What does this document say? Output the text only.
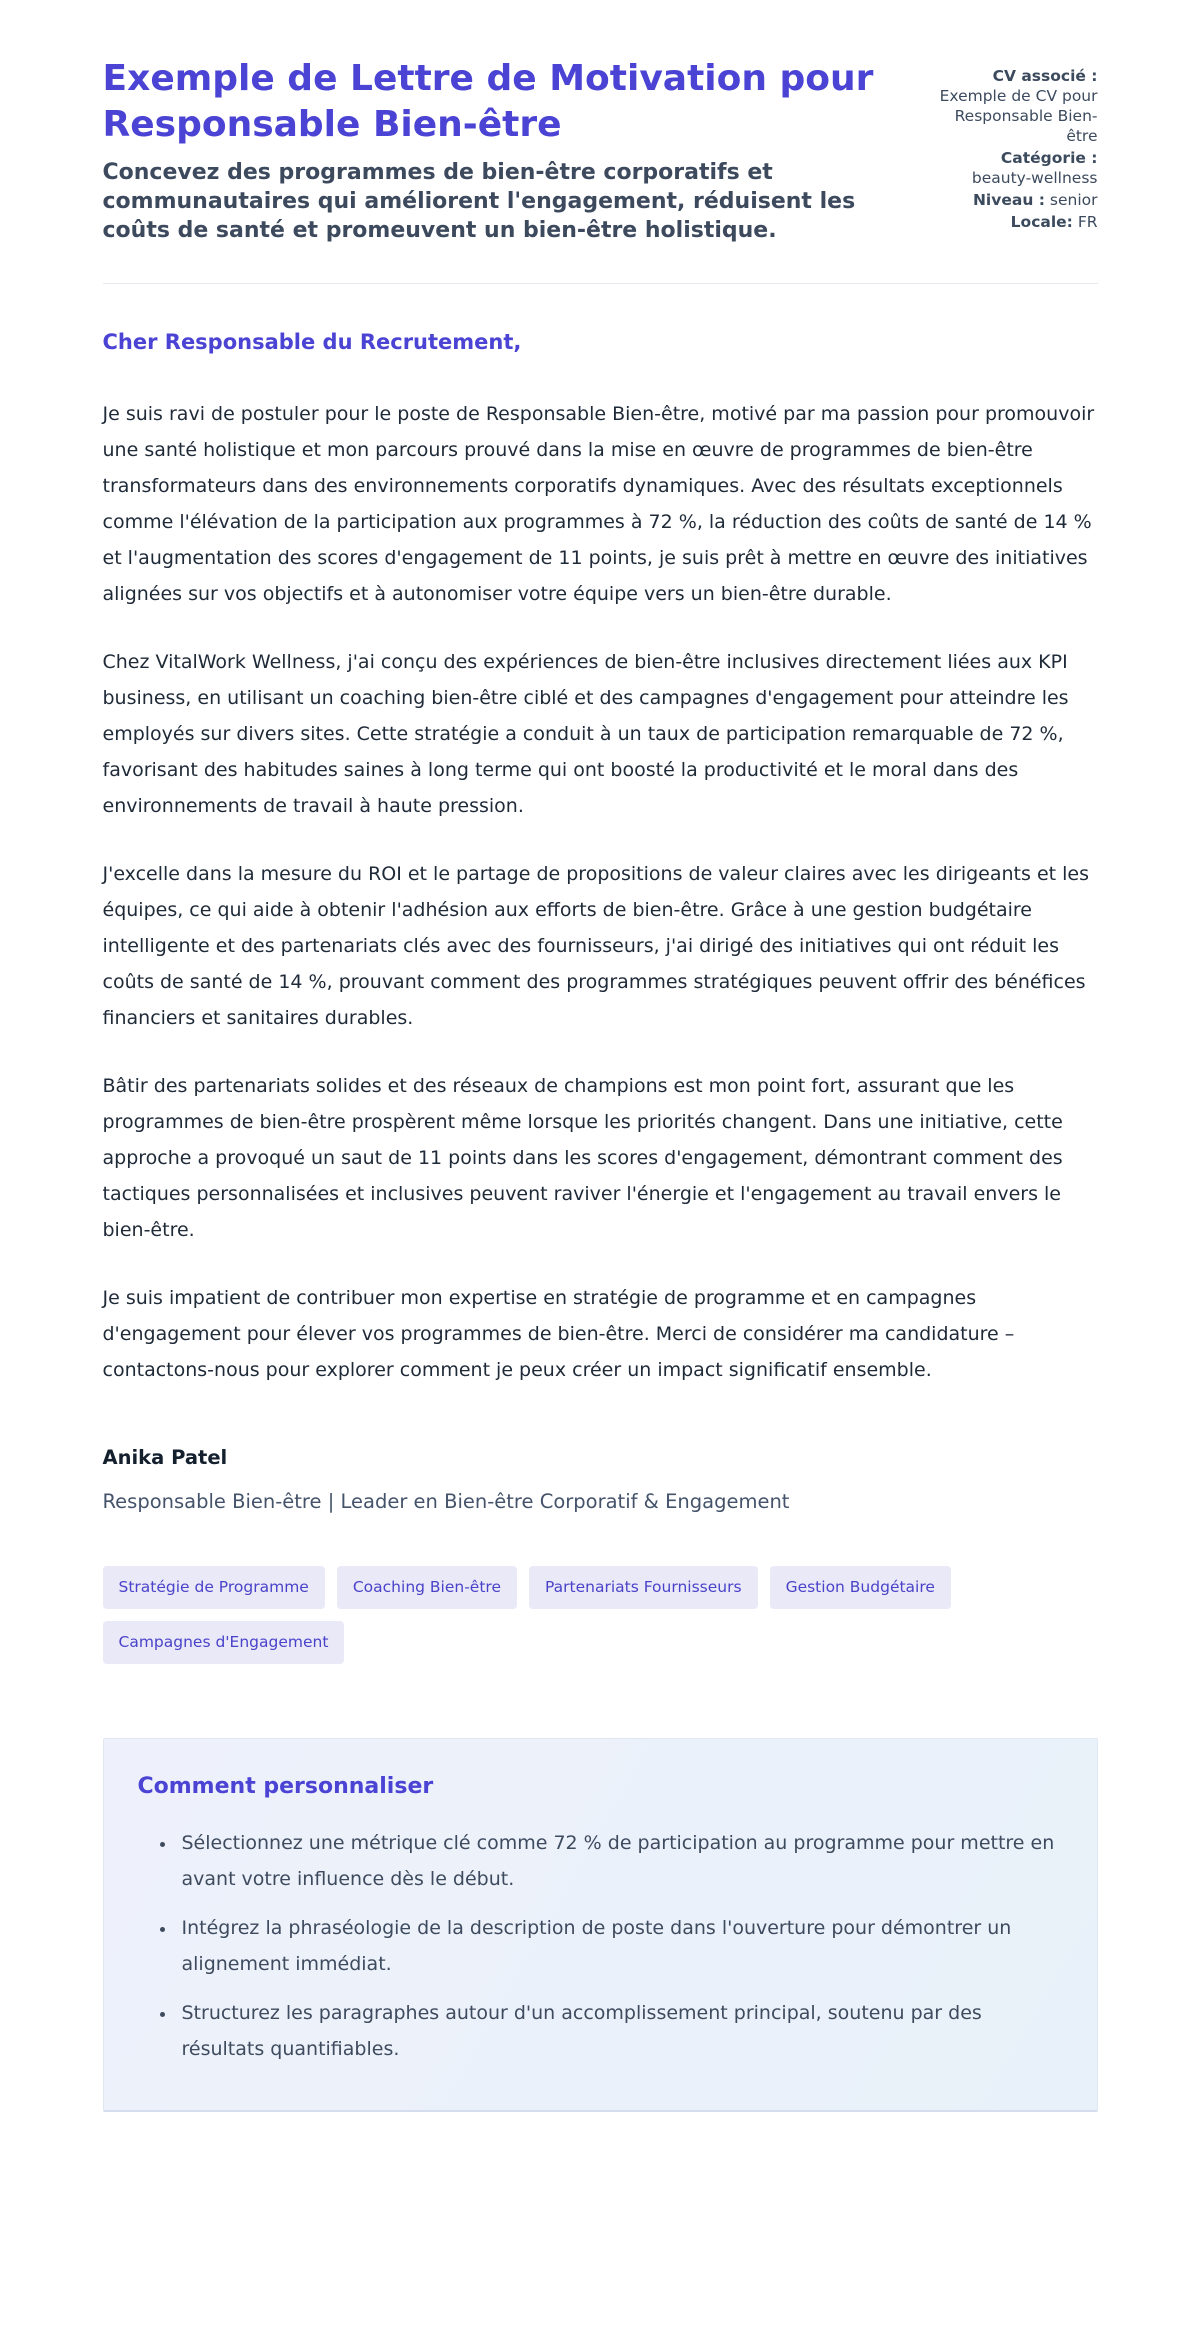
Exemple de Lettre de Motivation pour Responsable Bien-être
Concevez des programmes de bien-être corporatifs et communautaires qui améliorent l'engagement, réduisent les coûts de santé et promeuvent un bien-être holistique.
CV associé :
Exemple de CV pour Responsable Bien-être
Catégorie :
beauty-wellness
Niveau : senior
Locale: FR
Cher Responsable du Recrutement,

Je suis ravi de postuler pour le poste de Responsable Bien-être, motivé par ma passion pour promouvoir une santé holistique et mon parcours prouvé dans la mise en œuvre de programmes de bien-être transformateurs dans des environnements corporatifs dynamiques. Avec des résultats exceptionnels comme l'élévation de la participation aux programmes à 72 %, la réduction des coûts de santé de 14 % et l'augmentation des scores d'engagement de 11 points, je suis prêt à mettre en œuvre des initiatives alignées sur vos objectifs et à autonomiser votre équipe vers un bien-être durable.

Chez VitalWork Wellness, j'ai conçu des expériences de bien-être inclusives directement liées aux KPI business, en utilisant un coaching bien-être ciblé et des campagnes d'engagement pour atteindre les employés sur divers sites. Cette stratégie a conduit à un taux de participation remarquable de 72 %, favorisant des habitudes saines à long terme qui ont boosté la productivité et le moral dans des environnements de travail à haute pression.

J'excelle dans la mesure du ROI et le partage de propositions de valeur claires avec les dirigeants et les équipes, ce qui aide à obtenir l'adhésion aux efforts de bien-être. Grâce à une gestion budgétaire intelligente et des partenariats clés avec des fournisseurs, j'ai dirigé des initiatives qui ont réduit les coûts de santé de 14 %, prouvant comment des programmes stratégiques peuvent offrir des bénéfices financiers et sanitaires durables.

Bâtir des partenariats solides et des réseaux de champions est mon point fort, assurant que les programmes de bien-être prospèrent même lorsque les priorités changent. Dans une initiative, cette approche a provoqué un saut de 11 points dans les scores d'engagement, démontrant comment des tactiques personnalisées et inclusives peuvent raviver l'énergie et l'engagement au travail envers le bien-être.

Je suis impatient de contribuer mon expertise en stratégie de programme et en campagnes d'engagement pour élever vos programmes de bien-être. Merci de considérer ma candidature – contactons-nous pour explorer comment je peux créer un impact significatif ensemble.

Anika Patel
Responsable Bien-être | Leader en Bien-être Corporatif & Engagement
Stratégie de Programme	Coaching Bien-être	Partenariats Fournisseurs	Gestion Budgétaire
Campagnes d'Engagement
Comment personnaliser
• Sélectionnez une métrique clé comme 72 % de participation au programme pour mettre en avant votre influence dès le début.
• Intégrez la phraséologie de la description de poste dans l'ouverture pour démontrer un alignement immédiat.
• Structurez les paragraphes autour d'un accomplissement principal, soutenu par des résultats quantifiables.
